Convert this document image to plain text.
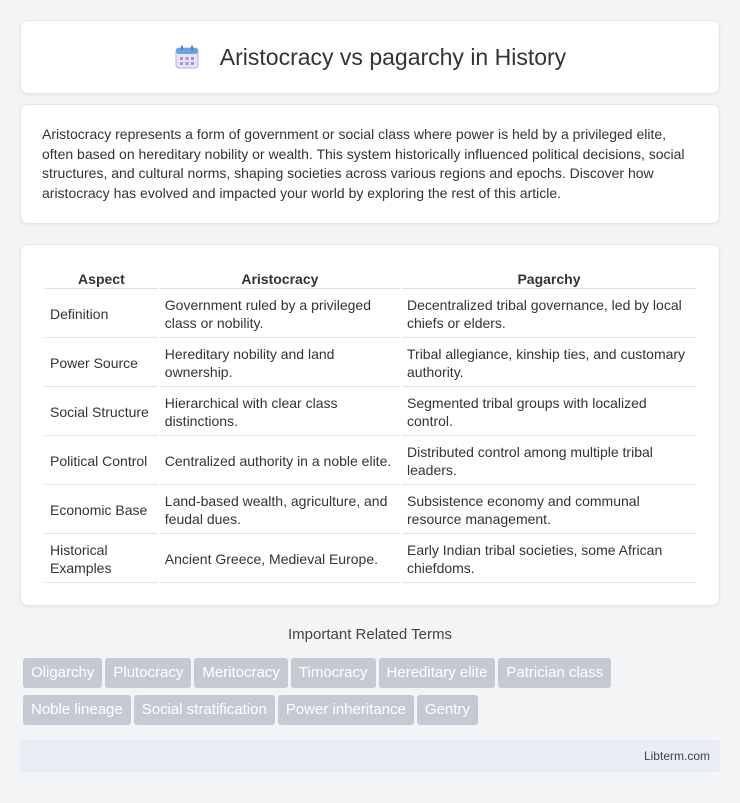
Aristocracy vs pagarchy in History

Aristocracy represents a form of government or social class where power is held by a privileged elite, often based on hereditary nobility or wealth. This system historically influenced political decisions, social structures, and cultural norms, shaping societies across various regions and epochs. Discover how aristocracy has evolved and impacted your world by exploring the rest of this article.

Aspect	Aristocracy	Pagarchy
Definition	Government ruled by a privileged class or nobility.	Decentralized tribal governance, led by local chiefs or elders.
Power Source	Hereditary nobility and land ownership.	Tribal allegiance, kinship ties, and customary authority.
Social Structure	Hierarchical with clear class distinctions.	Segmented tribal groups with localized control.
Political Control	Centralized authority in a noble elite.	Distributed control among multiple tribal leaders.
Economic Base	Land-based wealth, agriculture, and feudal dues.	Subsistence economy and communal resource management.
Historical Examples	Ancient Greece, Medieval Europe.	Early Indian tribal societies, some African chiefdoms.
Important Related Terms
Oligarchy Plutocracy Meritocracy Timocracy Hereditary elite Patrician class
Noble lineage Social stratification Power inheritance Gentry
Libterm.com
